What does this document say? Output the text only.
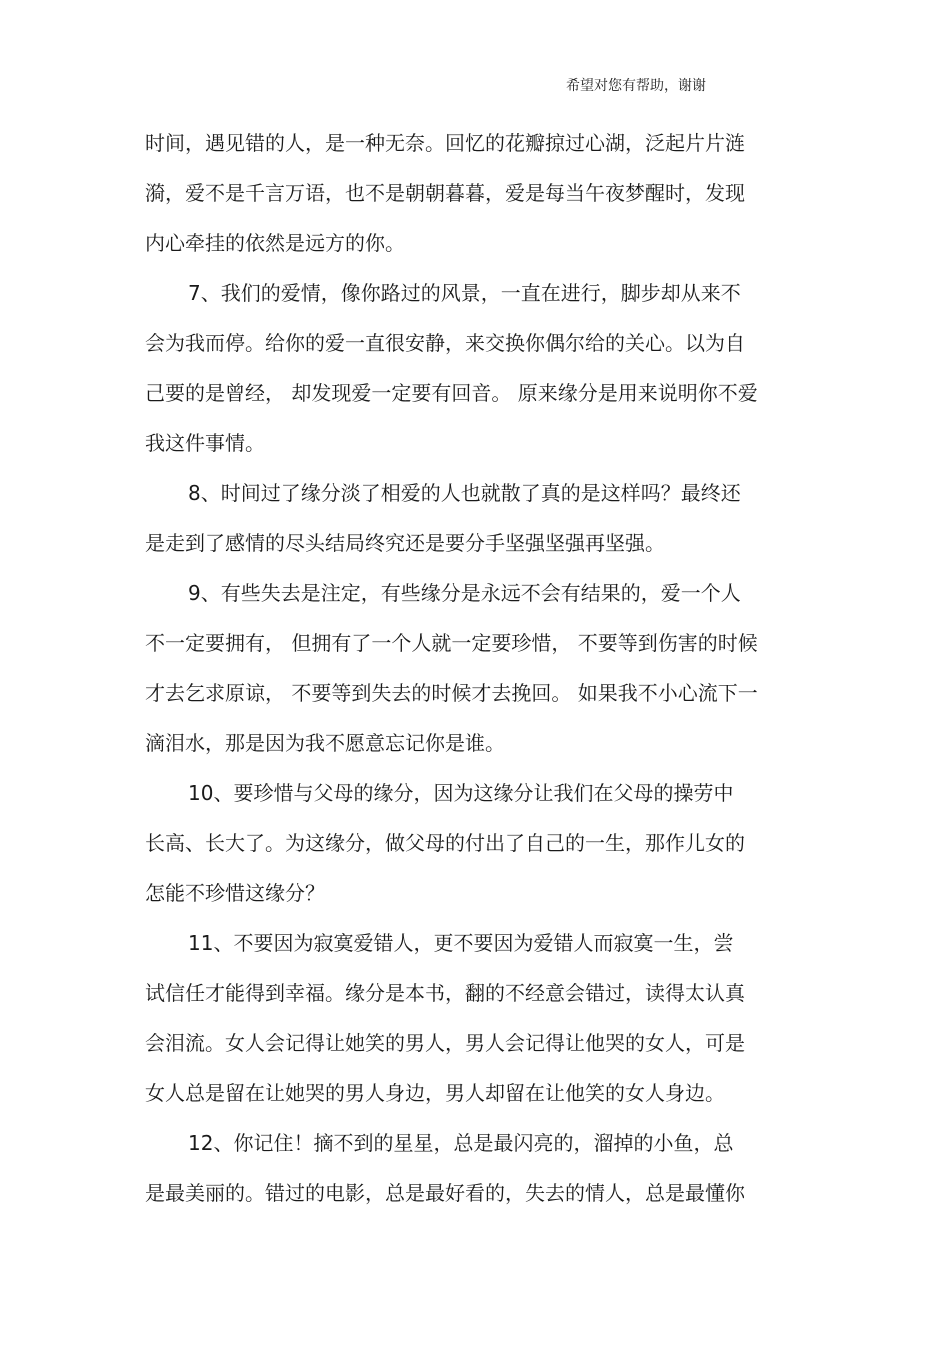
希望对您有帮助，谢谢
时间，遇见错的人，是一种无奈。回忆的花瓣掠过心湖，泛起片片涟
漪，爱不是千言万语，也不是朝朝暮暮，爱是每当午夜梦醒时，发现
内心牵挂的依然是远方的你。
7、我们的爱情，像你路过的风景，一直在进行，脚步却从来不
会为我而停。给你的爱一直很安静，来交换你偶尔给的关心。以为自
己要的是曾经， 却发现爱一定要有回音。 原来缘分是用来说明你不爱
我这件事情。
8、时间过了缘分淡了相爱的人也就散了真的是这样吗？最终还
是走到了感情的尽头结局终究还是要分手坚强坚强再坚强。
9、有些失去是注定，有些缘分是永远不会有结果的，爱一个人
不一定要拥有， 但拥有了一个人就一定要珍惜， 不要等到伤害的时候
才去乞求原谅， 不要等到失去的时候才去挽回。 如果我不小心流下一
滴泪水，那是因为我不愿意忘记你是谁。
10、要珍惜与父母的缘分，因为这缘分让我们在父母的操劳中
长高、长大了。为这缘分，做父母的付出了自己的一生，那作儿女的
怎能不珍惜这缘分？
11、不要因为寂寞爱错人，更不要因为爱错人而寂寞一生，尝
试信任才能得到幸福。缘分是本书，翻的不经意会错过，读得太认真
会泪流。女人会记得让她笑的男人，男人会记得让他哭的女人，可是
女人总是留在让她哭的男人身边，男人却留在让他笑的女人身边。
12、你记住！摘不到的星星，总是最闪亮的，溜掉的小鱼，总
是最美丽的。错过的电影，总是最好看的，失去的情人，总是最懂你
